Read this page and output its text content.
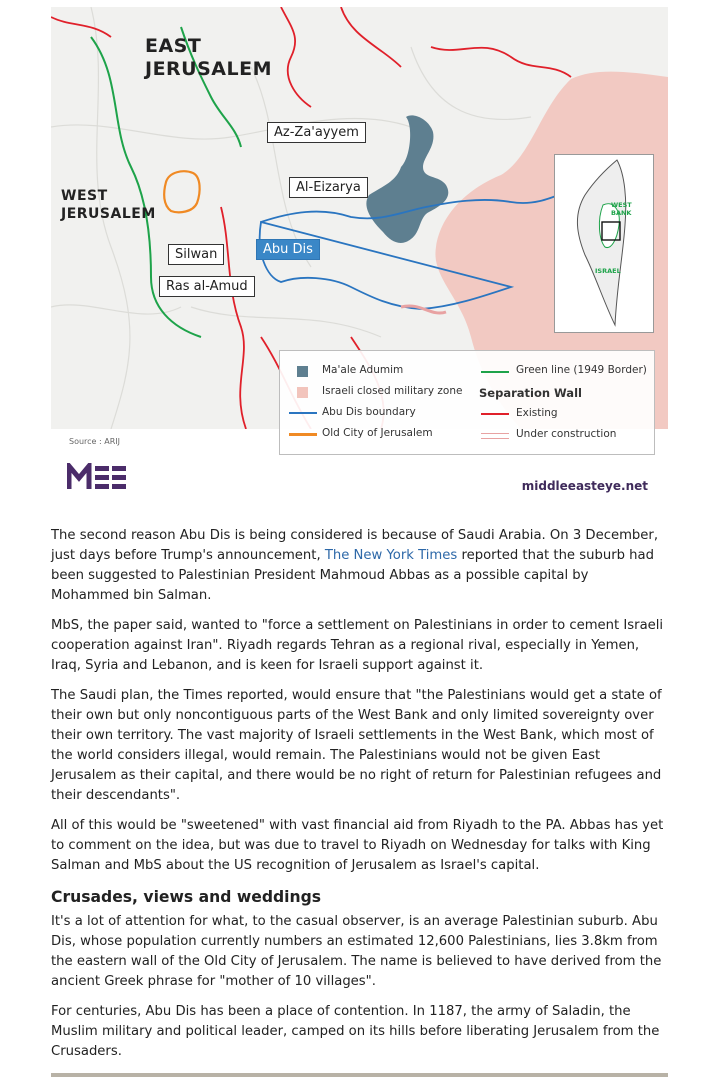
EAST JERUSALEM
WEST JERUSALEM
Az-Za'ayyem
Al-Eizarya
Abu Dis
Silwan
Ras al-Amud
WEST BANK
ISRAEL
Ma'ale Adumim
Israeli closed military zone
Abu Dis boundary
Old City of Jerusalem
Green line (1949 Border)
Separation Wall
Existing
Under construction
Source : ARIJ
middleeasteye.net

The second reason Abu Dis is being considered is because of Saudi Arabia. On 3 December, just days before Trump's announcement, The New York Times reported that the suburb had been suggested to Palestinian President Mahmoud Abbas as a possible capital by Mohammed bin Salman.

MbS, the paper said, wanted to "force a settlement on Palestinians in order to cement Israeli cooperation against Iran". Riyadh regards Tehran as a regional rival, especially in Yemen, Iraq, Syria and Lebanon, and is keen for Israeli support against it.

The Saudi plan, the Times reported, would ensure that "the Palestinians would get a state of their own but only noncontiguous parts of the West Bank and only limited sovereignty over their own territory. The vast majority of Israeli settlements in the West Bank, which most of the world considers illegal, would remain. The Palestinians would not be given East Jerusalem as their capital, and there would be no right of return for Palestinian refugees and their descendants".

All of this would be "sweetened" with vast financial aid from Riyadh to the PA. Abbas has yet to comment on the idea, but was due to travel to Riyadh on Wednesday for talks with King Salman and MbS about the US recognition of Jerusalem as Israel's capital.

Crusades, views and weddings

It's a lot of attention for what, to the casual observer, is an average Palestinian suburb. Abu Dis, whose population currently numbers an estimated 12,600 Palestinians, lies 3.8km from the eastern wall of the Old City of Jerusalem. The name is believed to have derived from the ancient Greek phrase for "mother of 10 villages".

For centuries, Abu Dis has been a place of contention. In 1187, the army of Saladin, the Muslim military and political leader, camped on its hills before liberating Jerusalem from the Crusaders.
